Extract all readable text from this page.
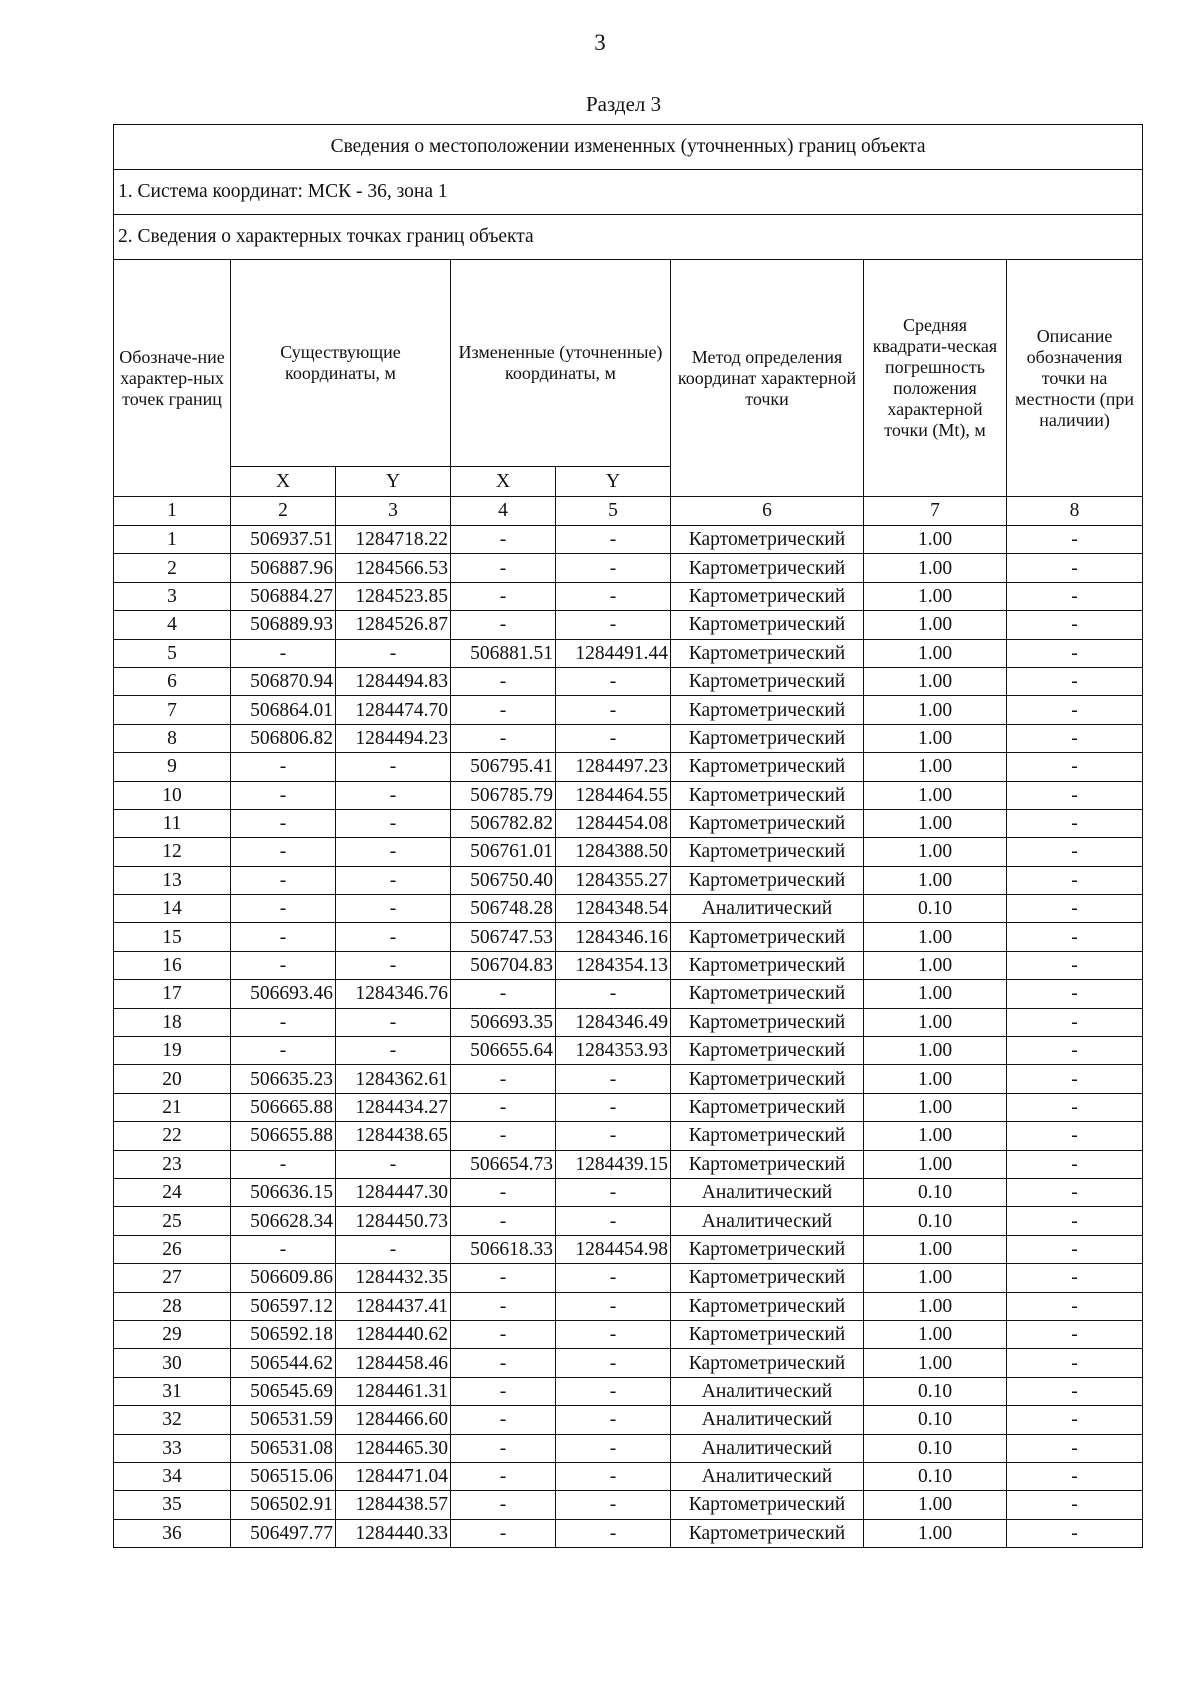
3
Раздел 3
Сведения о местоположении измененных (уточненных) границ объекта							
1. Система координат: МСК - 36, зона 1							
2. Сведения о характерных точках границ объекта							
Обозначе-ние характер-ных точек границ	Существующие координаты, м		Измененные (уточненные) координаты, м		Метод определения координат характерной точки	Средняя квадрати-ческая погрешность положения характерной точки (Mt), м	Описание обозначения точки на местности (при наличии)
	X	Y	X	Y			
1	2	3	4	5	6	7	8
1	506937.51	1284718.22	-	-	Картометрический	1.00	-
2	506887.96	1284566.53	-	-	Картометрический	1.00	-
3	506884.27	1284523.85	-	-	Картометрический	1.00	-
4	506889.93	1284526.87	-	-	Картометрический	1.00	-
5	-	-	506881.51	1284491.44	Картометрический	1.00	-
6	506870.94	1284494.83	-	-	Картометрический	1.00	-
7	506864.01	1284474.70	-	-	Картометрический	1.00	-
8	506806.82	1284494.23	-	-	Картометрический	1.00	-
9	-	-	506795.41	1284497.23	Картометрический	1.00	-
10	-	-	506785.79	1284464.55	Картометрический	1.00	-
11	-	-	506782.82	1284454.08	Картометрический	1.00	-
12	-	-	506761.01	1284388.50	Картометрический	1.00	-
13	-	-	506750.40	1284355.27	Картометрический	1.00	-
14	-	-	506748.28	1284348.54	Аналитический	0.10	-
15	-	-	506747.53	1284346.16	Картометрический	1.00	-
16	-	-	506704.83	1284354.13	Картометрический	1.00	-
17	506693.46	1284346.76	-	-	Картометрический	1.00	-
18	-	-	506693.35	1284346.49	Картометрический	1.00	-
19	-	-	506655.64	1284353.93	Картометрический	1.00	-
20	506635.23	1284362.61	-	-	Картометрический	1.00	-
21	506665.88	1284434.27	-	-	Картометрический	1.00	-
22	506655.88	1284438.65	-	-	Картометрический	1.00	-
23	-	-	506654.73	1284439.15	Картометрический	1.00	-
24	506636.15	1284447.30	-	-	Аналитический	0.10	-
25	506628.34	1284450.73	-	-	Аналитический	0.10	-
26	-	-	506618.33	1284454.98	Картометрический	1.00	-
27	506609.86	1284432.35	-	-	Картометрический	1.00	-
28	506597.12	1284437.41	-	-	Картометрический	1.00	-
29	506592.18	1284440.62	-	-	Картометрический	1.00	-
30	506544.62	1284458.46	-	-	Картометрический	1.00	-
31	506545.69	1284461.31	-	-	Аналитический	0.10	-
32	506531.59	1284466.60	-	-	Аналитический	0.10	-
33	506531.08	1284465.30	-	-	Аналитический	0.10	-
34	506515.06	1284471.04	-	-	Аналитический	0.10	-
35	506502.91	1284438.57	-	-	Картометрический	1.00	-
36	506497.77	1284440.33	-	-	Картометрический	1.00	-
